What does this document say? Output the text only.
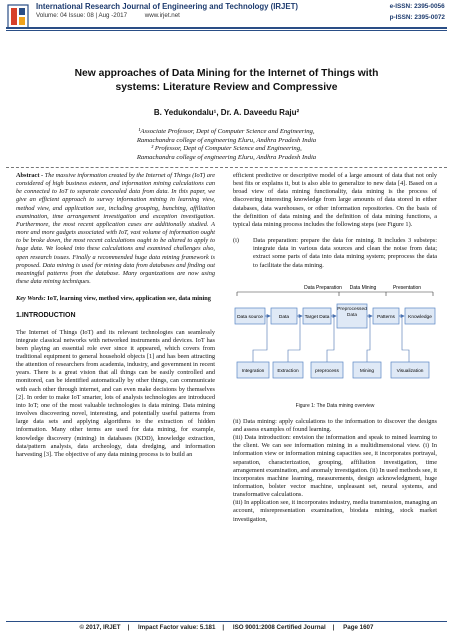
International Research Journal of Engineering and Technology (IRJET)
Volume: 04 Issue: 08 | Aug -2017	www.irjet.net
e-ISSN: 2395-0056
p-ISSN: 2395-0072
New approaches of Data Mining for the Internet of Things with
systems: Literature Review and Compressive
B. Yedukondalu¹, Dr. A. Daveedu Raju²
¹Associate Professor, Dept of Computer Science and Engineering,
Ramachandra college of engineering Eluru, Andhra Pradesh India
² Professor, Dept of Computer Science and Engineering,
Ramachandra college of engineering Eluru, Andhra Pradesh India

Abstract - The massive information created by the Internet of Things (IoT) are considered of high business esteem, and information mining calculations can be connected to IoT to separate concealed data from data. In this paper, we give an efficient approach to survey information mining in learning view, method view, and application see, including grouping, bunching, affiliation examination, time arrangement investigation and exception investigation. Furthermore, the most recent application cases are additionally studied. A more and more gadgets associated with IoT, vast volume of information ought to be broke down, the most recent calculations ought to be altered to apply to huge data. We looked into these calculations and examined challenges also, open research issues. Finally a recommended huge data mining framework is proposed. Data mining is used for mining data from databases and finding out meaningful patterns from the database. Many organizations are now using these data mining techniques.

Key Words: IoT, learning view, method view, application see, data mining

1.INTRODUCTION

The Internet of Things (IoT) and its relevant technologies can seamlessly integrate classical networks with networked instruments and devices. IoT has been playing an essential role ever since it appeared, which covers from traditional equipment to general household objects [1] and has been attracting the attention of researchers from academia, industry, and government in recent years. There is a great vision that all things can be easily controlled and monitored, can be identified automatically by other things, can communicate with each other through internet, and can even make decisions by themselves [2]. In order to make IoT smarter, lots of analysis technologies are introduced into IoT; one of the most valuable technologies is data mining. Data mining involves discovering novel, interesting, and potentially useful patterns from large data sets and applying algorithms to the extraction of hidden information. Many other terms are used for data mining, for example, knowledge discovery (mining) in databases (KDD), knowledge extraction, data/pattern analysis, data archeology, data dredging, and information harvesting [3]. The objective of any data mining process is to build an

efficient predictive or descriptive model of a large amount of data that not only best fits or explains it, but is also able to generalize to new data [4]. Based on a broad view of data mining functionality, data mining is the process of discovering interesting knowledge from large amounts of data stored in either databases, data warehouses, or other information repositories. On the basis of the definition of data mining and the definition of data mining functions, a typical data mining process includes the following steps (see Figure 1).

(i)	Data preparation: prepare the data for mining. It includes 3 substeps: integrate data in various data sources and clean the noise from data; extract some parts of data into data mining system; preprocess the data to facilitate the data mining.
Data Preparation Data Mining	Presentation
Data source	Data	Target Data
Preprocessed Data	Patterns	Knowledge
Integration	Extraction	preprocess	Mining	Visualization
Figure 1: The Data mining overview

(ii) Data mining: apply calculations to the information to discover the designs and assess examples of found learning.

(iii) Data introduction: envision the information and speak to mined learning to the client. We can see information mining in a multidimensional view. (i) In information view or information mining capacities see, it incorporates portrayal, separation, characterization, grouping, affiliation investigation, time arrangement examination, and anomaly investigation. (ii) In used methods see, it incorporates machine learning, measurements, design acknowledgment, huge information, bolster vector machine, unpleasant set, neural systems, and transformative calculations.

(iii) In application see, it incorporates industry, media transmission, managing an account, misrepresentation examination, biodata mining, stock market investigation,

© 2017, IRJET | Impact Factor value: 5.181 | ISO 9001:2008 Certified Journal | Page 1607
